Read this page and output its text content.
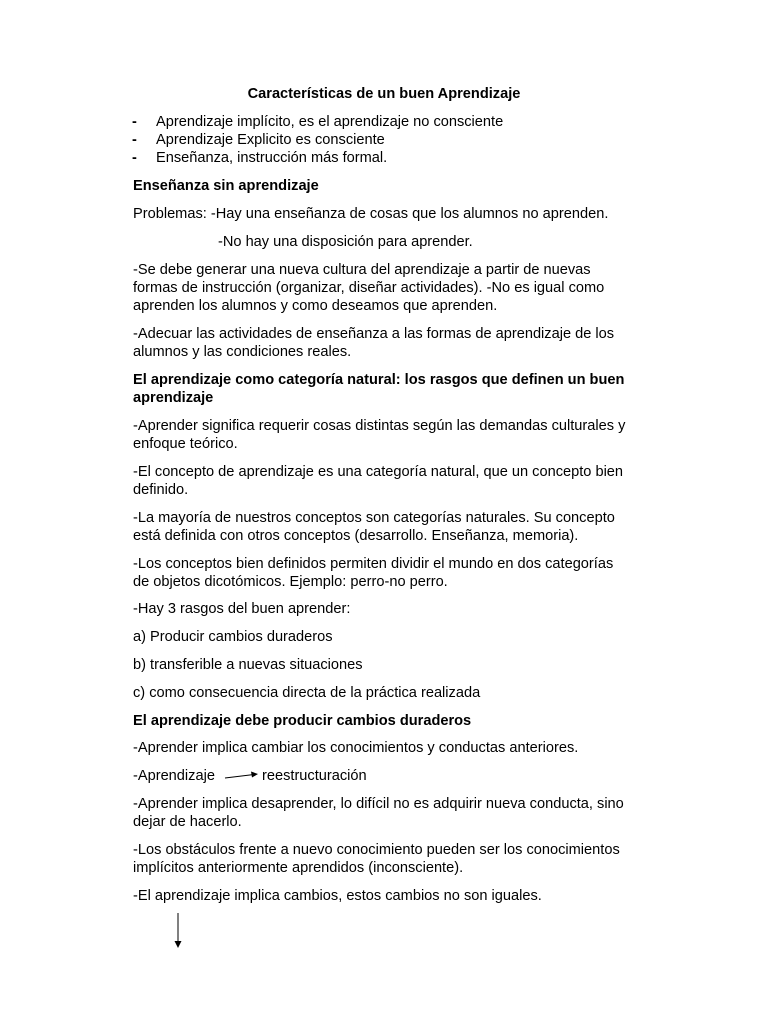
Características de un buen Aprendizaje
- Aprendizaje implícito, es el aprendizaje no consciente
- Aprendizaje Explicito es consciente
- Enseñanza, instrucción más formal.
Enseñanza sin aprendizaje
Problemas: -Hay una enseñanza de cosas que los alumnos no aprenden.
-No hay una disposición para aprender.
-Se debe generar una nueva cultura del aprendizaje a partir de nuevas
formas de instrucción (organizar, diseñar actividades). -No es igual como
aprenden los alumnos y como deseamos que aprenden.
-Adecuar las actividades de enseñanza a las formas de aprendizaje de los
alumnos y las condiciones reales.
El aprendizaje como categoría natural: los rasgos que definen un buen
aprendizaje
-Aprender significa requerir cosas distintas según las demandas culturales y
enfoque teórico.
-El concepto de aprendizaje es una categoría natural, que un concepto bien
definido.
-La mayoría de nuestros conceptos son categorías naturales. Su concepto
está definida con otros conceptos (desarrollo. Enseñanza, memoria).
-Los conceptos bien definidos permiten dividir el mundo en dos categorías
de objetos dicotómicos. Ejemplo: perro-no perro.
-Hay 3 rasgos del buen aprender:
a) Producir cambios duraderos
b) transferible a nuevas situaciones
c) como consecuencia directa de la práctica realizada
El aprendizaje debe producir cambios duraderos
-Aprender implica cambiar los conocimientos y conductas anteriores.
-Aprendizaje	reestructuración
-Aprender implica desaprender, lo difícil no es adquirir nueva conducta, sino
dejar de hacerlo.
-Los obstáculos frente a nuevo conocimiento pueden ser los conocimientos
implícitos anteriormente aprendidos (inconsciente).
-El aprendizaje implica cambios, estos cambios no son iguales.
